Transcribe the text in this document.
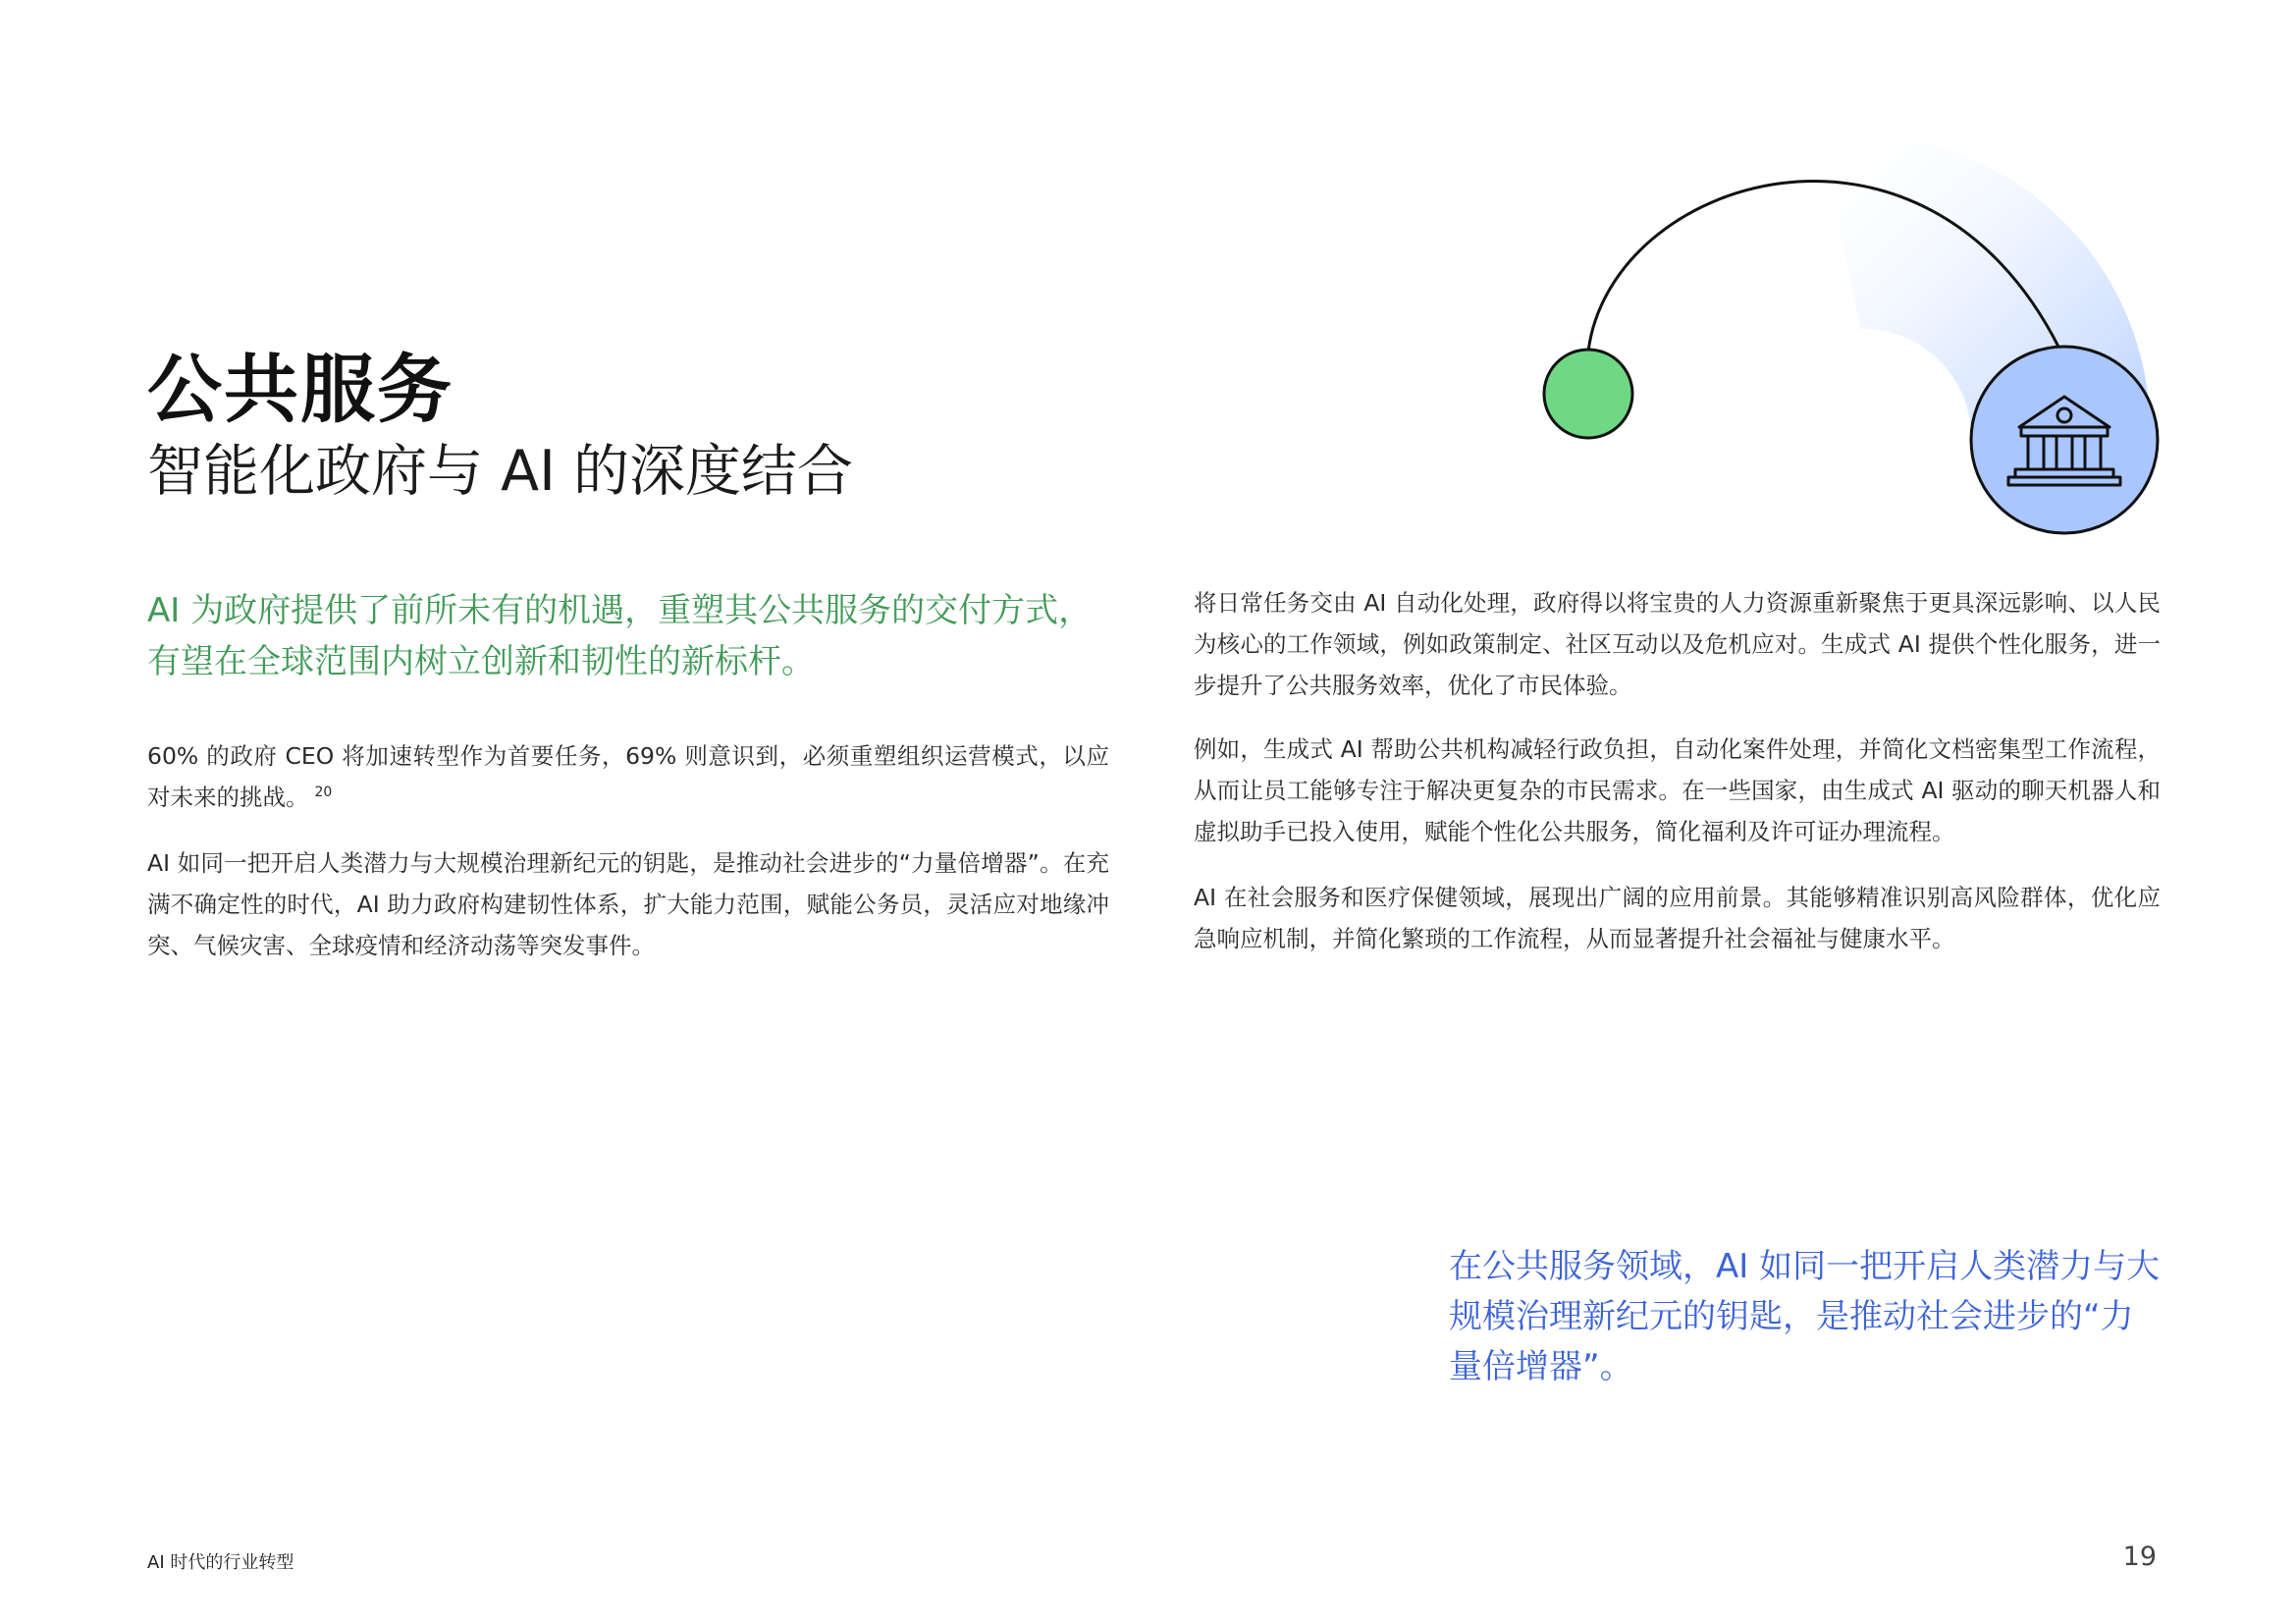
公共服务
智能化政府与 AI 的深度结合

AI 为政府提供了前所未有的机遇，重塑其公共服务的交付方式，有望在全球范围内树立创新和韧性的新标杆。

60% 的政府 CEO 将加速转型作为首要任务，69% 则意识到，必须重塑组织运营模式，以应对未来的挑战。 $^{20}$

AI 如同一把开启人类潜力与大规模治理新纪元的钥匙，是推动社会进步的“力量倍增器”。在充满不确定性的时代，AI 助力政府构建韧性体系，扩大能力范围，赋能公务员，灵活应对地缘冲突、气候灾害、全球疫情和经济动荡等突发事件。

将日常任务交由 AI 自动化处理，政府得以将宝贵的人力资源重新聚焦于更具深远影响、以人民为核心的工作领域，例如政策制定、社区互动以及危机应对。生成式 AI 提供个性化服务，进一步提升了公共服务效率，优化了市民体验。

例如，生成式 AI 帮助公共机构减轻行政负担，自动化案件处理，并简化文档密集型工作流程，从而让员工能够专注于解决更复杂的市民需求。在一些国家，由生成式 AI 驱动的聊天机器人和虚拟助手已投入使用，赋能个性化公共服务，简化福利及许可证办理流程。

AI 在社会服务和医疗保健领域，展现出广阔的应用前景。其能够精准识别高风险群体，优化应急响应机制，并简化繁琐的工作流程，从而显著提升社会福祉与健康水平。

在公共服务领域，AI 如同一把开启人类潜力与大规模治理新纪元的钥匙，是推动社会进步的“力量倍增器”。

AI 时代的行业转型	19
